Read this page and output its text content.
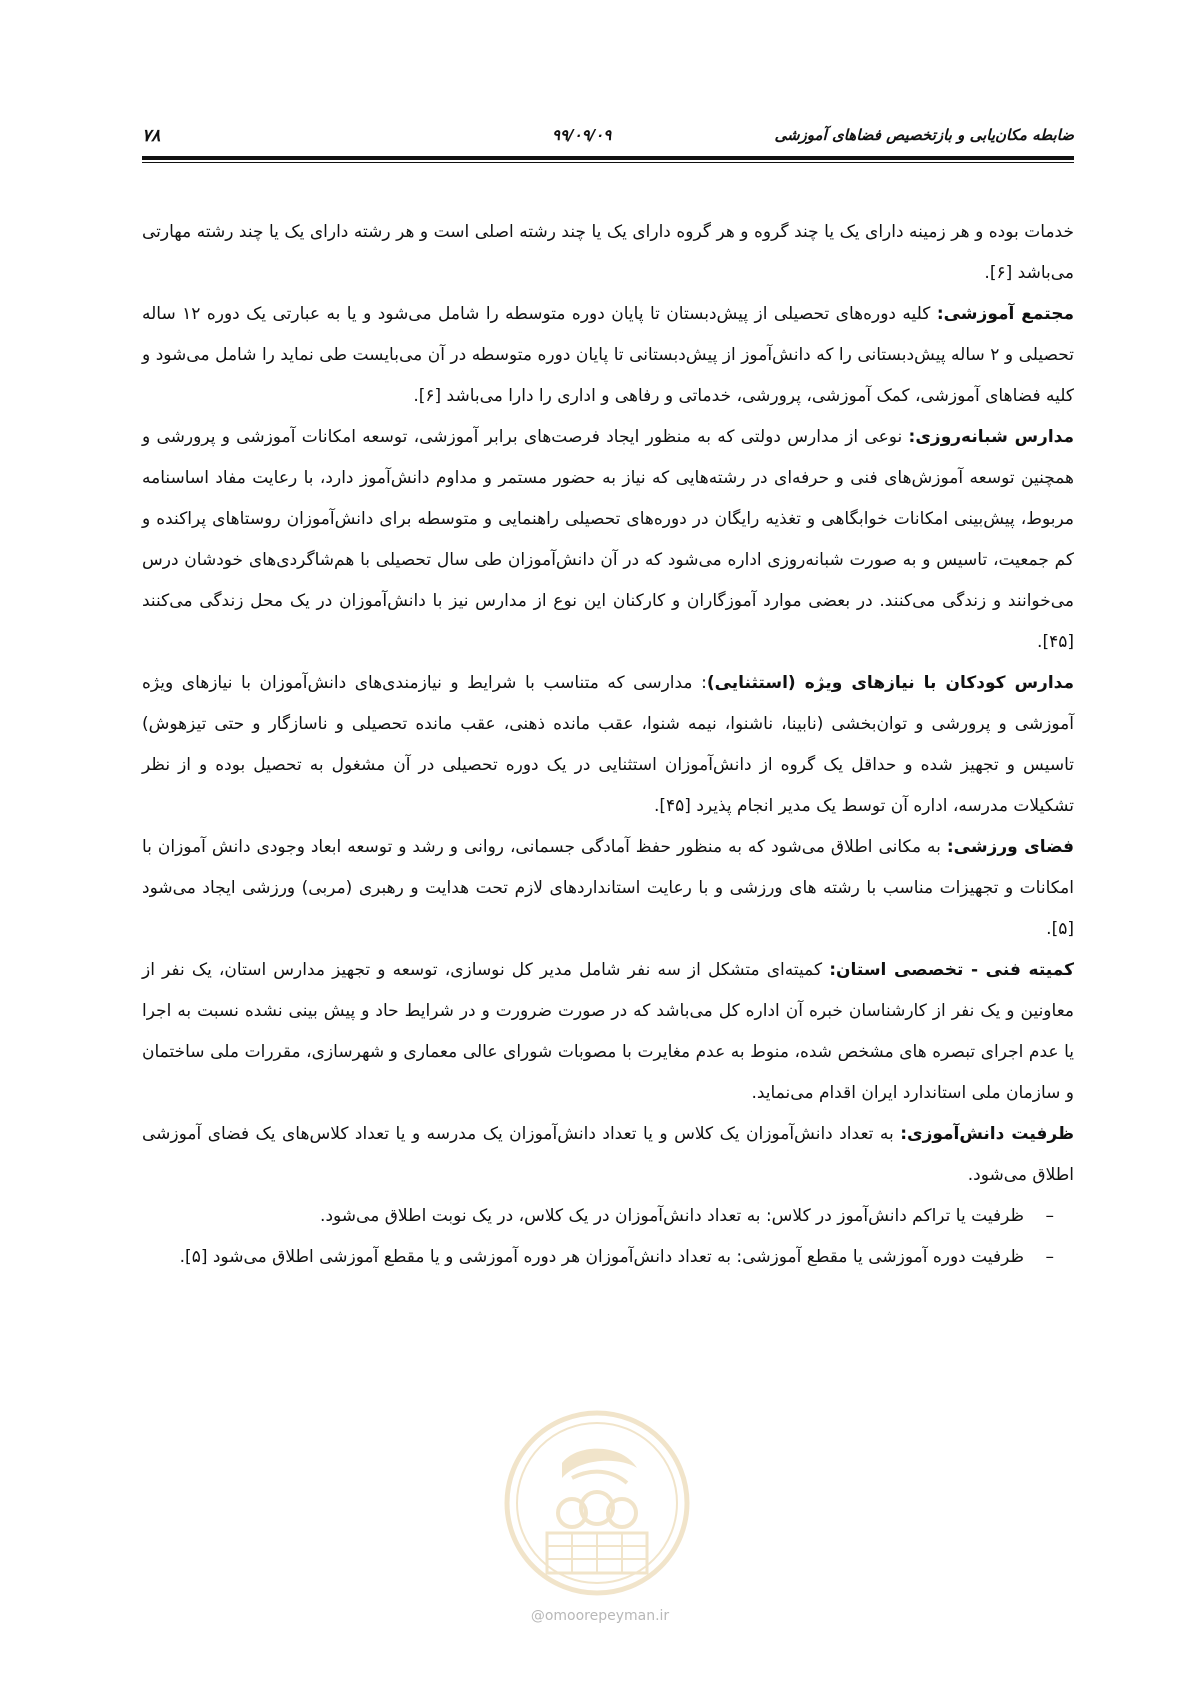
ضابطه مکان‌یابی و بازتخصیص فضاهای آموزشی
۹۹/۰۹/۰۹
۷۸

خدمات بوده و هر زمینه دارای یک یا چند گروه و هر گروه دارای یک یا چند رشته اصلی است و هر رشته دارای یک یا چند رشته مهارتی می‌باشد [۶].

مجتمع آموزشی: کلیه دوره‌های تحصیلی از پیش‌دبستان تا پایان دوره متوسطه را شامل می‌شود و یا به عبارتی یک دوره ۱۲ ساله تحصیلی و ۲ ساله پیش‌دبستانی را که دانش‌آموز از پیش‌دبستانی تا پایان دوره متوسطه در آن می‌بایست طی نماید را شامل می‌شود و کلیه فضاهای آموزشی، کمک آموزشی، پرورشی، خدماتی و رفاهی و اداری را دارا می‌باشد [۶].

مدارس شبانه‌روزی: نوعی از مدارس دولتی که به منظور ایجاد فرصت‌های برابر آموزشی، توسعه امکانات آموزشی و پرورشی و همچنین توسعه آموزش‌های فنی و حرفه‌ای در رشته‌هایی که نیاز به حضور مستمر و مداوم دانش‌آموز دارد، با رعایت مفاد اساسنامه مربوط، پیش‌بینی امکانات خوابگاهی و تغذیه رایگان در دوره‌های تحصیلی راهنمایی و متوسطه برای دانش‌آموزان روستاهای پراکنده و کم جمعیت، تاسیس و به صورت شبانه‌روزی اداره می‌شود که در آن دانش‌آموزان طی سال تحصیلی با هم‌شاگردی‌های خودشان درس می‌خوانند و زندگی می‌کنند. در بعضی موارد آموزگاران و کارکنان این نوع از مدارس نیز با دانش‌آموزان در یک محل زندگی می‌کنند [۴۵].

مدارس کودکان با نیازهای ویژه (استثنایی): مدارسی که متناسب با شرایط و نیازمندی‌های دانش‌آموزان با نیازهای ویژه آموزشی و پرورشی و توان‌بخشی (نابینا، ناشنوا، نیمه شنوا، عقب مانده ذهنی، عقب مانده تحصیلی و ناسازگار و حتی تیزهوش) تاسیس و تجهیز شده و حداقل یک گروه از دانش‌آموزان استثنایی در یک دوره تحصیلی در آن مشغول به تحصیل بوده و از نظر تشکیلات مدرسه، اداره آن توسط یک مدیر انجام پذیرد [۴۵].

فضای ورزشی: به مکانی اطلاق می‌شود که به منظور حفظ آمادگی جسمانی، روانی و رشد و توسعه ابعاد وجودی دانش آموزان با امکانات و تجهیزات مناسب با رشته های ورزشی و با رعایت استانداردهای لازم تحت هدایت و رهبری (مربی) ورزشی ایجاد می‌شود [۵].

کمیته فنی - تخصصی استان: کمیته‌ای متشکل از سه نفر شامل مدیر کل نوسازی، توسعه و تجهیز مدارس استان، یک نفر از معاونین و یک نفر از کارشناسان خبره آن اداره کل می‌باشد که در صورت ضرورت و در شرایط حاد و پیش بینی نشده نسبت به اجرا یا عدم اجرای تبصره های مشخص شده، منوط به عدم مغایرت با مصوبات شورای عالی معماری و شهرسازی، مقررات ملی ساختمان و سازمان ملی استاندارد ایران اقدام می‌نماید.

ظرفیت دانش‌آموزی: به تعداد دانش‌آموزان یک کلاس و یا تعداد دانش‌آموزان یک مدرسه و یا تعداد کلاس‌های یک فضای آموزشی اطلاق می‌شود.

–
ظرفیت یا تراکم دانش‌آموز در کلاس: به تعداد دانش‌آموزان در یک کلاس، در یک نوبت اطلاق می‌شود.
–
ظرفیت دوره آموزشی یا مقطع آموزشی: به تعداد دانش‌آموزان هر دوره آموزشی و یا مقطع آموزشی اطلاق می‌شود [۵].
@omoorepeyman.ir
